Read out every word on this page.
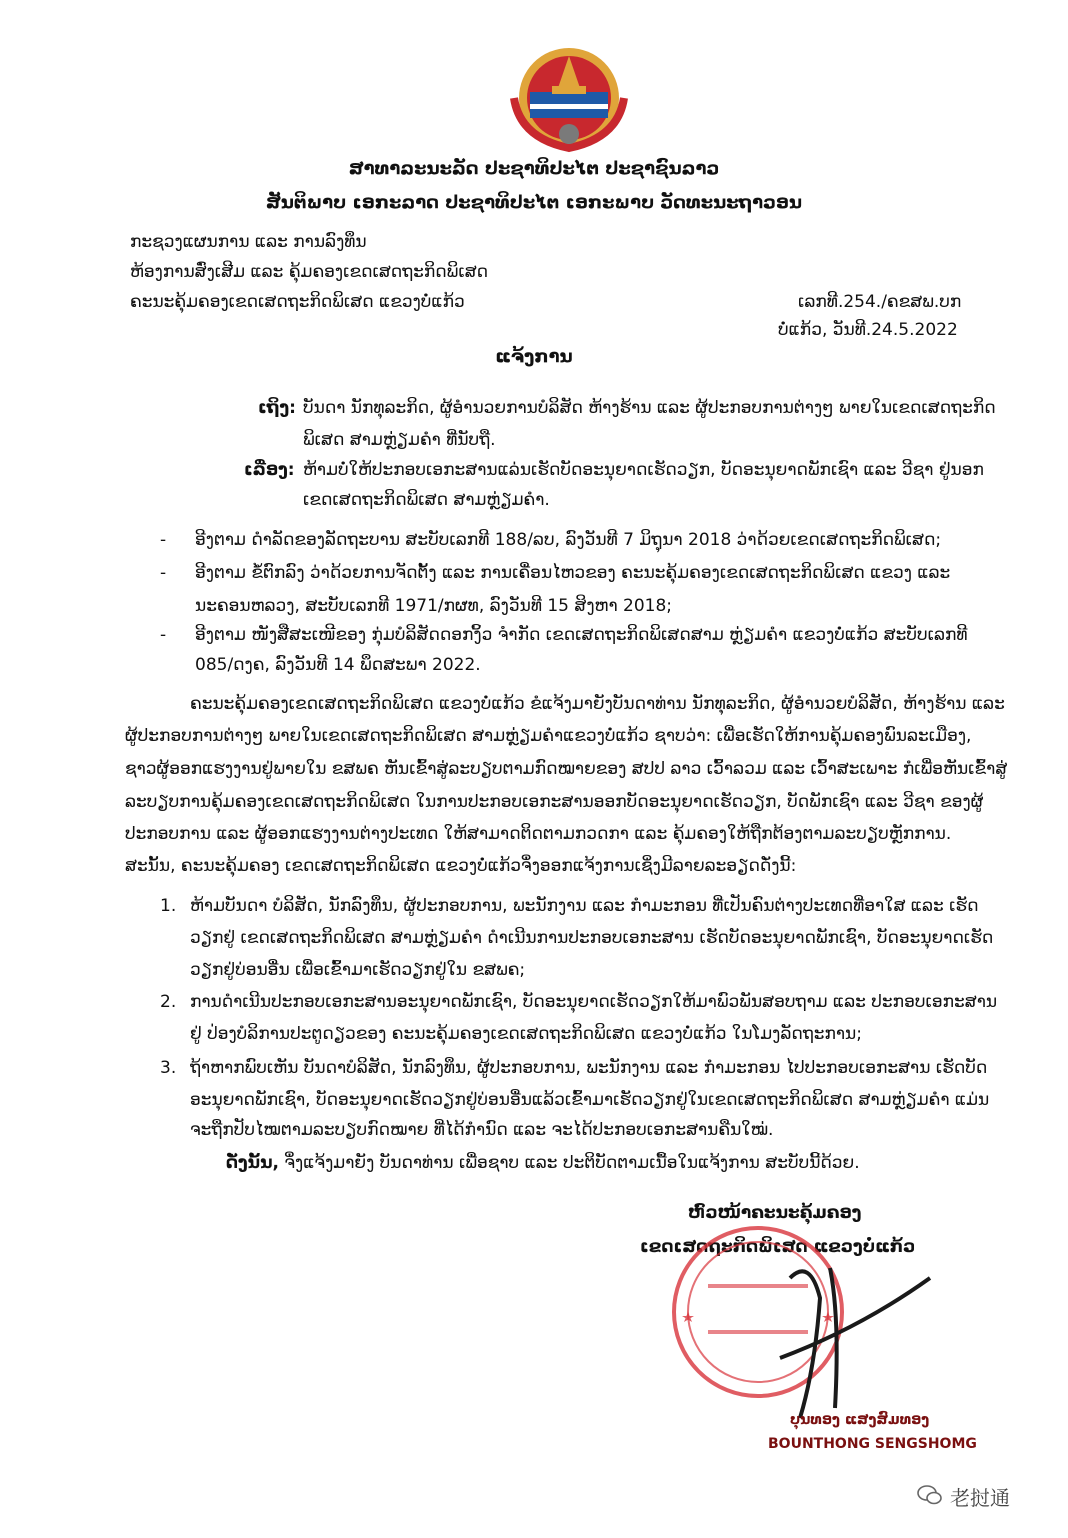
ສາທາລະນະລັດ ປະຊາທິປະໄຕ ປະຊາຊົນລາວ
ສັນຕິພາບ ເອກະລາດ ປະຊາທິປະໄຕ ເອກະພາບ ວັດທະນະຖາວອນ
ກະຊວງແຜນການ ແລະ ການລົງທຶນ
ຫ້ອງການສົ່ງເສີມ ແລະ ຄຸ້ມຄອງເຂດເສດຖະກິດພິເສດ
ຄະນະຄຸ້ມຄອງເຂດເສດຖະກິດພິເສດ ແຂວງບໍ່ແກ້ວ	ເລກທີ.254./ຄຂສພ.ບກ
ບໍ່ແກ້ວ, ວັນທີ.24.5.2022
ແຈ້ງການ
ເຖິງ: ບັນດາ ນັກທຸລະກິດ, ຜູ້ອຳນວຍການບໍລິສັດ ຫ້າງຮ້ານ ແລະ ຜູ້ປະກອບການຕ່າງໆ ພາຍໃນເຂດເສດຖະກິດ
ພິເສດ ສາມຫຼ່ຽມຄຳ ທີ່ນັບຖື.
ເລື່ອງ: ຫ້າມບໍ່ໃຫ້ປະກອບເອກະສານແລ່ນເຮັດບັດອະນຸຍາດເຮັດວຽກ, ບັດອະນຸຍາດພັກເຊົາ ແລະ ວີຊາ ຢູ່ນອກ
ເຂດເສດຖະກິດພິເສດ ສາມຫຼ່ຽມຄຳ.
- ອີງຕາມ ດຳລັດຂອງລັດຖະບານ ສະບັບເລກທີ 188/ລບ, ລົງວັນທີ 7 ມິຖຸນາ 2018 ວ່າດ້ວຍເຂດເສດຖະກິດພິເສດ;
- ອີງຕາມ ຂໍ້ຕົກລົງ ວ່າດ້ວຍການຈັດຕັ້ງ ແລະ ການເຄື່ອນໄຫວຂອງ ຄະນະຄຸ້ມຄອງເຂດເສດຖະກິດພິເສດ ແຂວງ ແລະ
ນະຄອນຫລວງ, ສະບັບເລກທີ 1971/ກຜທ, ລົງວັນທີ 15 ສິງຫາ 2018;
- ອີງຕາມ ໜັງສືສະເໜີຂອງ ກຸ່ມບໍລິສັດດອກງິ້ວ ຈຳກັດ ເຂດເສດຖະກິດພິເສດສາມ ຫຼ່ຽມຄຳ ແຂວງບໍ່ແກ້ວ ສະບັບເລກທີ
085/ດງຄ, ລົງວັນທີ 14 ພຶດສະພາ 2022.
ຄະນະຄຸ້ມຄອງເຂດເສດຖະກິດພິເສດ ແຂວງບໍ່ແກ້ວ ຂໍແຈ້ງມາຍັງບັນດາທ່ານ ນັກທຸລະກິດ, ຜູ້ອຳນວຍບໍລິສັດ, ຫ້າງຮ້ານ ແລະ
ຜູ້ປະກອບການຕ່າງໆ ພາຍໃນເຂດເສດຖະກິດພິເສດ ສາມຫຼ່ຽມຄຳແຂວງບໍ່ແກ້ວ ຊາບວ່າ: ເພື່ອເຮັດໃຫ້ການຄຸ້ມຄອງພົນລະເມືອງ,
ຊາວຜູ້ອອກແຮງງານຢູ່ພາຍໃນ ຂສພຄ ຫັນເຂົ້າສູ່ລະບຽບຕາມກົດໝາຍຂອງ ສປປ ລາວ ເວົ້າລວມ ແລະ ເວົ້າສະເພາະ ກໍເພື່ອຫັນເຂົ້າສູ່
ລະບຽບການຄຸ້ມຄອງເຂດເສດຖະກິດພິເສດ ໃນການປະກອບເອກະສານອອກບັດອະນຸຍາດເຮັດວຽກ, ບັດພັກເຊົາ ແລະ ວີຊາ ຂອງຜູ້
ປະກອບການ ແລະ ຜູ້ອອກແຮງງານຕ່າງປະເທດ ໃຫ້ສາມາດຕິດຕາມກວດກາ ແລະ ຄຸ້ມຄອງໃຫ້ຖືກຕ້ອງຕາມລະບຽບຫຼັກການ.
ສະນັ້ນ, ຄະນະຄຸ້ມຄອງ ເຂດເສດຖະກິດພິເສດ ແຂວງບໍ່ແກ້ວຈຶ່ງອອກແຈ້ງການເຊິ່ງມີລາຍລະອຽດດັ່ງນີ້:
1. ຫ້າມບັນດາ ບໍລິສັດ, ນັກລົງທຶນ, ຜູ້ປະກອບການ, ພະນັກງານ ແລະ ກຳມະກອນ ທີ່ເປັນຄົນຕ່າງປະເທດທີ່ອາໃສ ແລະ ເຮັດ
ວຽກຢູ່ ເຂດເສດຖະກິດພິເສດ ສາມຫຼ່ຽມຄຳ ດຳເນີນການປະກອບເອກະສານ ເຮັດບັດອະນຸຍາດພັກເຊົາ, ບັດອະນຸຍາດເຮັດ
ວຽກຢູ່ບ່ອນອື່ນ ເພື່ອເຂົ້າມາເຮັດວຽກຢູ່ໃນ ຂສພຄ;
2. ການດຳເນີນປະກອບເອກະສານອະນຸຍາດພັກເຊົາ, ບັດອະນຸຍາດເຮັດວຽກໃຫ້ມາພົວພັນສອບຖາມ ແລະ ປະກອບເອກະສານ
ຢູ່ ປ່ອງບໍລິການປະຕູດຽວຂອງ ຄະນະຄຸ້ມຄອງເຂດເສດຖະກິດພິເສດ ແຂວງບໍ່ແກ້ວ ໃນໂມງລັດຖະການ;
3. ຖ້າຫາກພົບເຫັນ ບັນດາບໍລິສັດ, ນັກລົງທຶນ, ຜູ້ປະກອບການ, ພະນັກງານ ແລະ ກຳມະກອນ ໄປປະກອບເອກະສານ ເຮັດບັດ
ອະນຸຍາດພັກເຊົາ, ບັດອະນຸຍາດເຮັດວຽກຢູ່ບ່ອນອື່ນແລ້ວເຂົ້າມາເຮັດວຽກຢູ່ໃນເຂດເສດຖະກິດພິເສດ ສາມຫຼ່ຽມຄຳ ແມ່ນ
ຈະຖືກປັບໄໝຕາມລະບຽບກົດໝາຍ ທີ່ໄດ້ກຳນົດ ແລະ ຈະໄດ້ປະກອບເອກະສານຄືນໃໝ່.
ດັ່ງນັ້ນ, ຈຶ່ງແຈ້ງມາຍັງ ບັນດາທ່ານ ເພື່ອຊາບ ແລະ ປະຕິບັດຕາມເນື້ອໃນແຈ້ງການ ສະບັບນີ້ດ້ວຍ.
ຫົວໜ້າຄະນະຄຸ້ມຄອງ
ເຂດເສດຖະກິດພິເສດ ແຂວງບໍ່ແກ້ວ
ບຸນທອງ ແສງສົມທອງ
BOUNTHONG SENGSHOMG
老挝通
